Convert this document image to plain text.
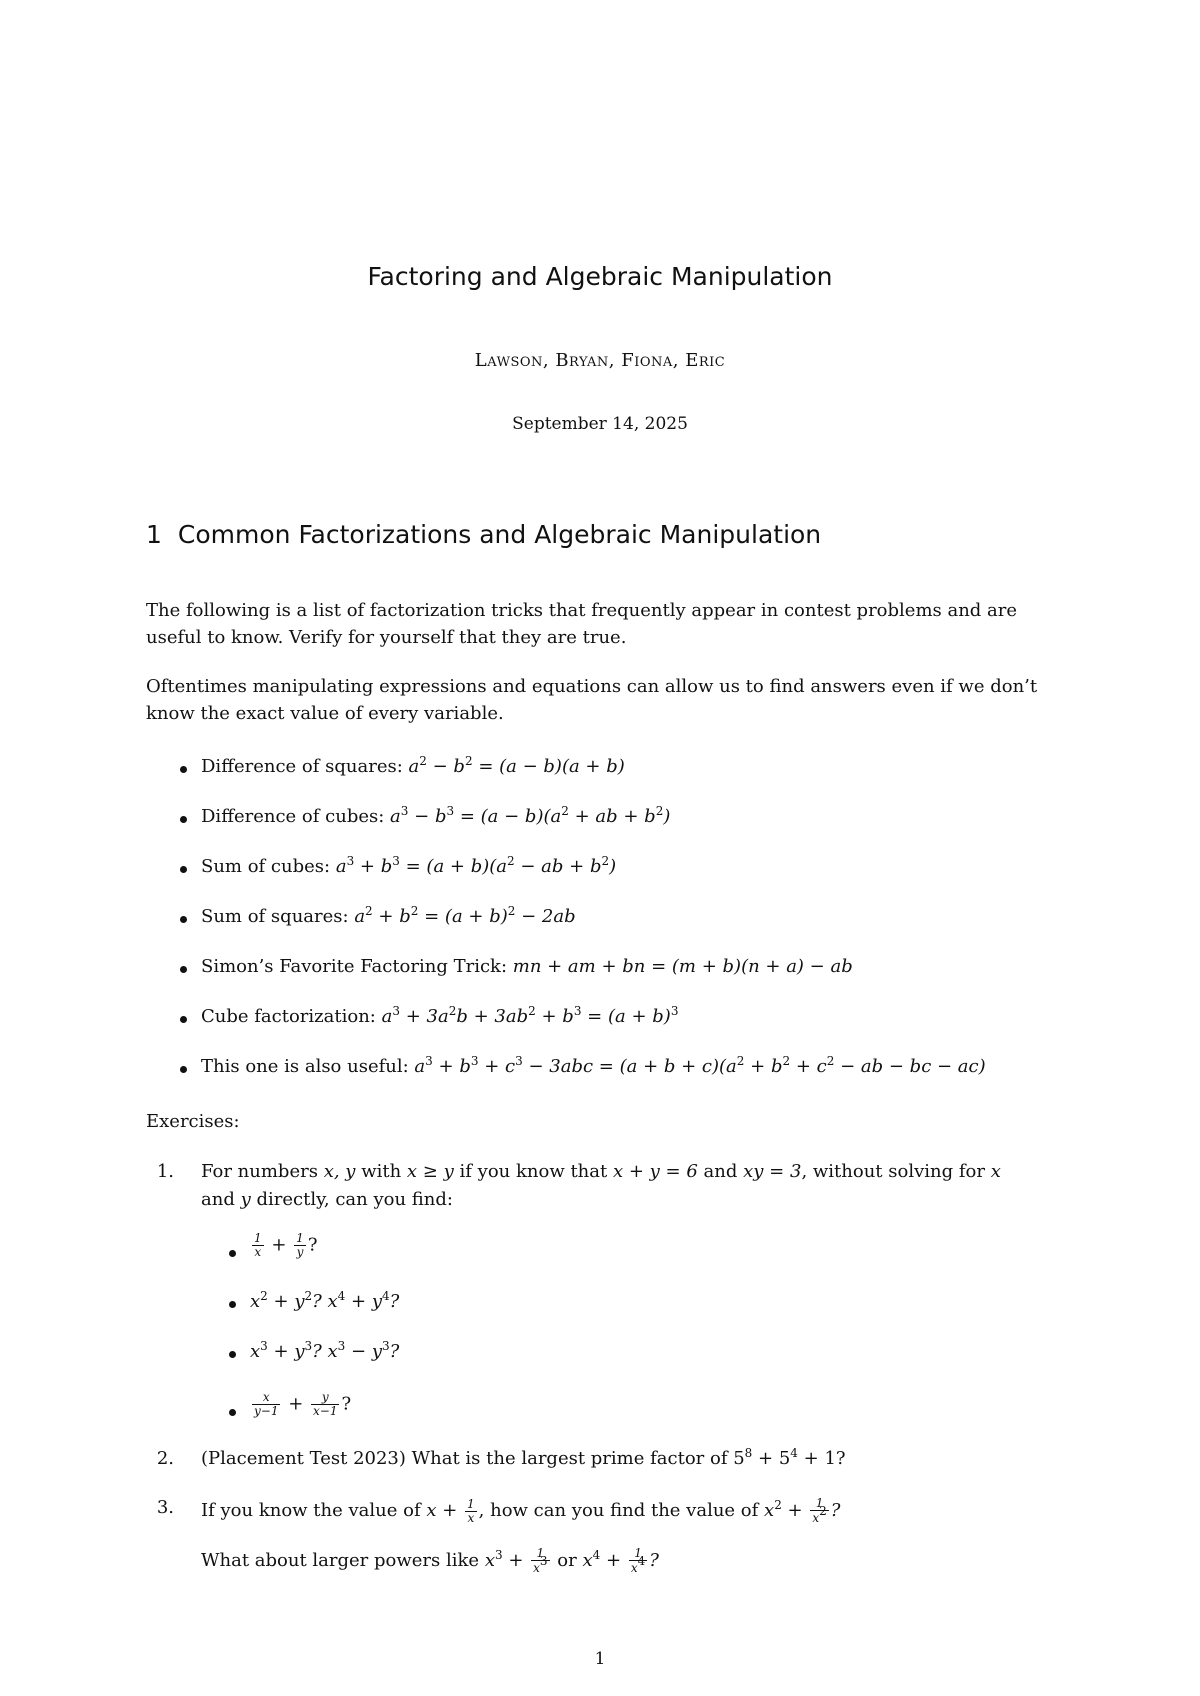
Factoring and Algebraic Manipulation
Lawson, Bryan, Fiona, Eric
September 14, 2025
1 Common Factorizations and Algebraic Manipulation
The following is a list of factorization tricks that frequently appear in contest problems and are useful to know. Verify for yourself that they are true.
Oftentimes manipulating expressions and equations can allow us to find answers even if we don’t know the exact value of every variable.
Difference of squares: $a^2 - b^2 = (a - b)(a + b)$
Difference of cubes: $a^3 - b^3 = (a - b)(a^2$ + ab + $b^2$)
Sum of cubes: $a^3 + b^3 = (a + b)(a^2$ − ab + $b^2$)
Sum of squares: $a^2 + b^2 = (a + b)^2 - 2ab$
Simon’s Favorite Factoring Trick: mn + am + bn = (m + b)(n + a) − ab
Cube factorization: $a^3 + 3a^2b + 3ab^2 + b^3 = (a + b)^3$
This one is also useful: $a^3 + b^3 + c^3 - 3abc = (a + b + c)(a^2 + b^2 + c^2$ − ab − bc − ac)
Exercises:
1. For numbers x, y with x ≥ y if you know that x + y = 6 and xy = 3, without solving for x
and y directly, can you find:
$\frac{1}{x} + \frac{1}{y}$ ?
$x^2 + y^2$? $x^4 + y^4$?
$x^3 + y^3$? $x^3 - y^3$?
$\frac{x}{y-1} + \frac{y}{x-1}$ ?
2. (Placement Test 2023) What is the largest prime factor of $5^8 + 5^4 + 1$?
3. If you know the value of $x + \frac{1}{x}$ , how can you find the value of $x^2 + \frac{1}{x^2}$ ?
What about larger powers like $x^3 + \frac{1}{x^3}$ or $x^4 + \frac{1}{x^4}$ ?
1
